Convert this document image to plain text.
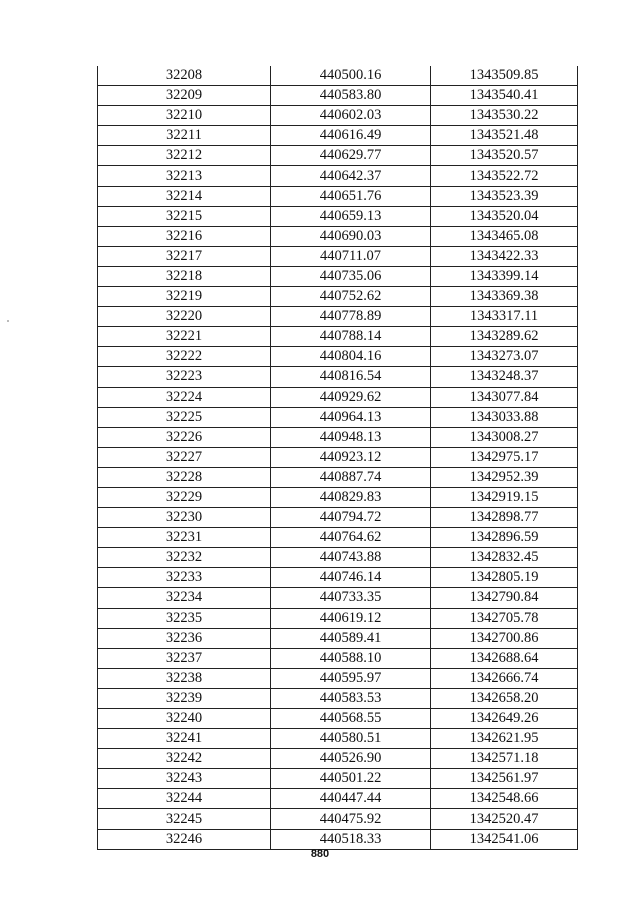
32208	440500.16	1343509.85
32209	440583.80	1343540.41
32210	440602.03	1343530.22
32211	440616.49	1343521.48
32212	440629.77	1343520.57
32213	440642.37	1343522.72
32214	440651.76	1343523.39
32215	440659.13	1343520.04
32216	440690.03	1343465.08
32217	440711.07	1343422.33
32218	440735.06	1343399.14
32219	440752.62	1343369.38
32220	440778.89	1343317.11
32221	440788.14	1343289.62
32222	440804.16	1343273.07
32223	440816.54	1343248.37
32224	440929.62	1343077.84
32225	440964.13	1343033.88
32226	440948.13	1343008.27
32227	440923.12	1342975.17
32228	440887.74	1342952.39
32229	440829.83	1342919.15
32230	440794.72	1342898.77
32231	440764.62	1342896.59
32232	440743.88	1342832.45
32233	440746.14	1342805.19
32234	440733.35	1342790.84
32235	440619.12	1342705.78
32236	440589.41	1342700.86
32237	440588.10	1342688.64
32238	440595.97	1342666.74
32239	440583.53	1342658.20
32240	440568.55	1342649.26
32241	440580.51	1342621.95
32242	440526.90	1342571.18
32243	440501.22	1342561.97
32244	440447.44	1342548.66
32245	440475.92	1342520.47
32246	440518.33	1342541.06
880
